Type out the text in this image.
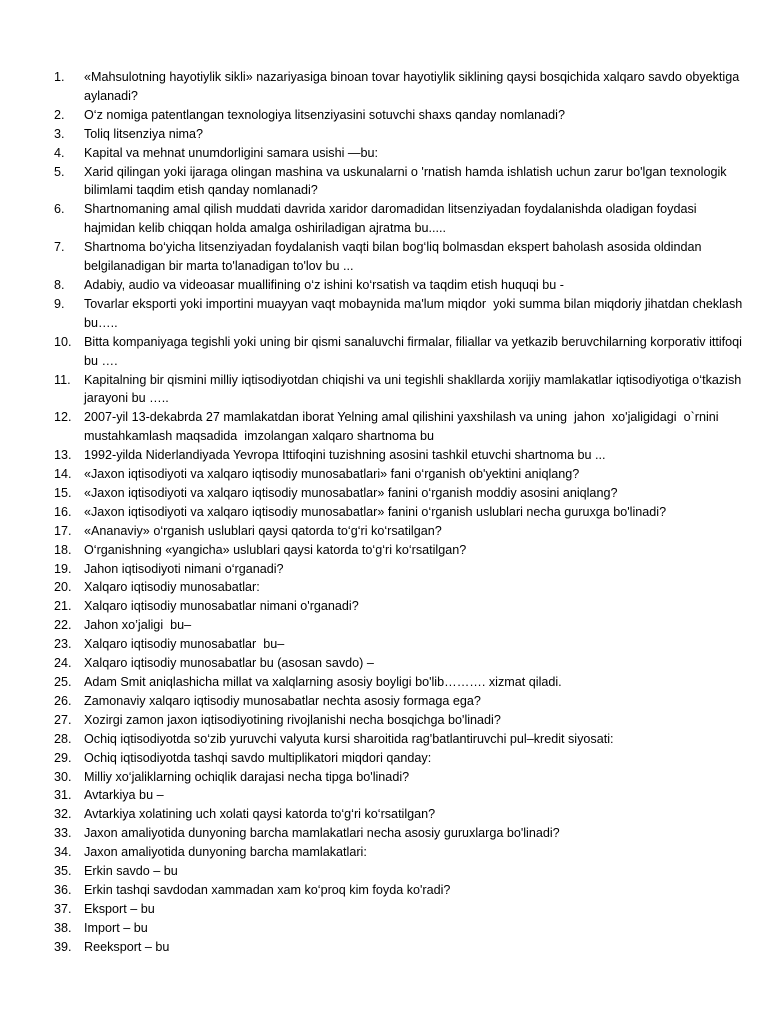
1.	«Mahsulotning hayotiylik sikli» nazariyasiga binoan tovar hayotiylik siklining qaysi bosqichida xalqaro savdo obyektiga aylanadi?
2.	O‘z nomiga patentlangan texnologiya litsenziyasini sotuvchi shaxs qanday nomlanadi?
3.	Toliq litsenziya nima?
4.	Kapital va mehnat unumdorligini samara usishi —bu:
5.	Xarid qilingan yoki ijaraga olingan mashina va uskunalarni o 'rnatish hamda ishlatish uchun zarur bo'lgan texnologik bilimlami taqdim etish qanday nomlanadi?
6.	Shartnomaning amal qilish muddati davrida xaridor daromadidan litsenziyadan foydalanishda oladigan foydasi hajmidan kelib chiqqan holda amalga oshiriladigan ajratma bu.....
7.	Shartnoma bo‘yicha litsenziyadan foydalanish vaqti bilan bog‘liq bolmasdan ekspert baholash asosida oldindan belgilanadigan bir marta to'lanadigan to'lov bu ...
8.	Adabiy, audio va videoasar muallifining o‘z ishini ko‘rsatish va taqdim etish huquqi bu -
9.	Tovarlar eksporti yoki importini muayyan vaqt mobaynida ma'lum miqdor  yoki summa bilan miqdoriy jihatdan cheklash bu…..
10. Bitta kompaniyaga tegishli yoki uning bir qismi sanaluvchi firmalar, filiallar va yetkazib beruvchilarning korporativ ittifoqi bu ….
11.	Kapitalning bir qismini milliy iqtisodiyotdan chiqishi va uni tegishli shakllarda xorijiy mamlakatlar iqtisodiyotiga o‘tkazish jarayoni bu …..
12. 2007-yil 13-dekabrda 27 mamlakatdan iborat Yelning amal qilishini yaxshilash va uning  jahon  xo'jaligidagi  o`rnini mustahkamlash maqsadida  imzolangan xalqaro shartnoma bu
13. 1992-yilda Niderlandiyada Yevropa Ittifoqini tuzishning asosini tashkil etuvchi shartnoma bu ...
14. «Jaxon iqtisodiyoti va xalqaro iqtisodiy munosabatlari» fani o‘rganish ob'yektini aniqlang?
15. «Jaxon iqtisodiyoti va xalqaro iqtisodiy munosabatlar» fanini o‘rganish moddiy asosini aniqlang?
16. «Jaxon iqtisodiyoti va xalqaro iqtisodiy munosabatlar» fanini o‘rganish uslublari necha guruxga bo'linadi?
17. «Ananaviy» o‘rganish uslublari qaysi qatorda to‘g‘ri ko‘rsatilgan?
18. O‘rganishning «yangicha» uslublari qaysi katorda to‘g‘ri ko‘rsatilgan?
19. Jahon iqtisodiyoti nimani o‘rganadi?
20. Xalqaro iqtisodiy munosabatlar:
21. Xalqaro iqtisodiy munosabatlar nimani o'rganadi?
22. Jahon xo’jaligi  bu–
23. Xalqaro iqtisodiy munosabatlar  bu–
24. Xalqaro iqtisodiy munosabatlar bu (asosan savdo) –
25. Adam Smit aniqlashicha millat va xalqlarning asosiy boyligi bo'lib………. xizmat qiladi.
26. Zamonaviy xalqaro iqtisodiy munosabatlar nechta asosiy formaga ega?
27. Xozirgi zamon jaxon iqtisodiyotining rivojlanishi necha bosqichga bo'linadi?
28. Ochiq iqtisodiyotda so‘zib yuruvchi valyuta kursi sharoitida rag'batlantiruvchi pul–kredit siyosati:
29. Ochiq iqtisodiyotda tashqi savdo multiplikatori miqdori qanday:
30. Milliy xo‘jaliklarning ochiqlik darajasi necha tipga bo'linadi?
31. Avtarkiya bu –
32. Avtarkiya xolatining uch xolati qaysi katorda to‘g‘ri ko‘rsatilgan?
33. Jaxon amaliyotida dunyoning barcha mamlakatlari necha asosiy guruxlarga bo'linadi?
34. Jaxon amaliyotida dunyoning barcha mamlakatlari:
35. Erkin savdo – bu
36. Erkin tashqi savdodan xammadan xam ko‘proq kim foyda ko'radi?
37. Eksport – bu
38. Import – bu
39. Reeksport – bu
